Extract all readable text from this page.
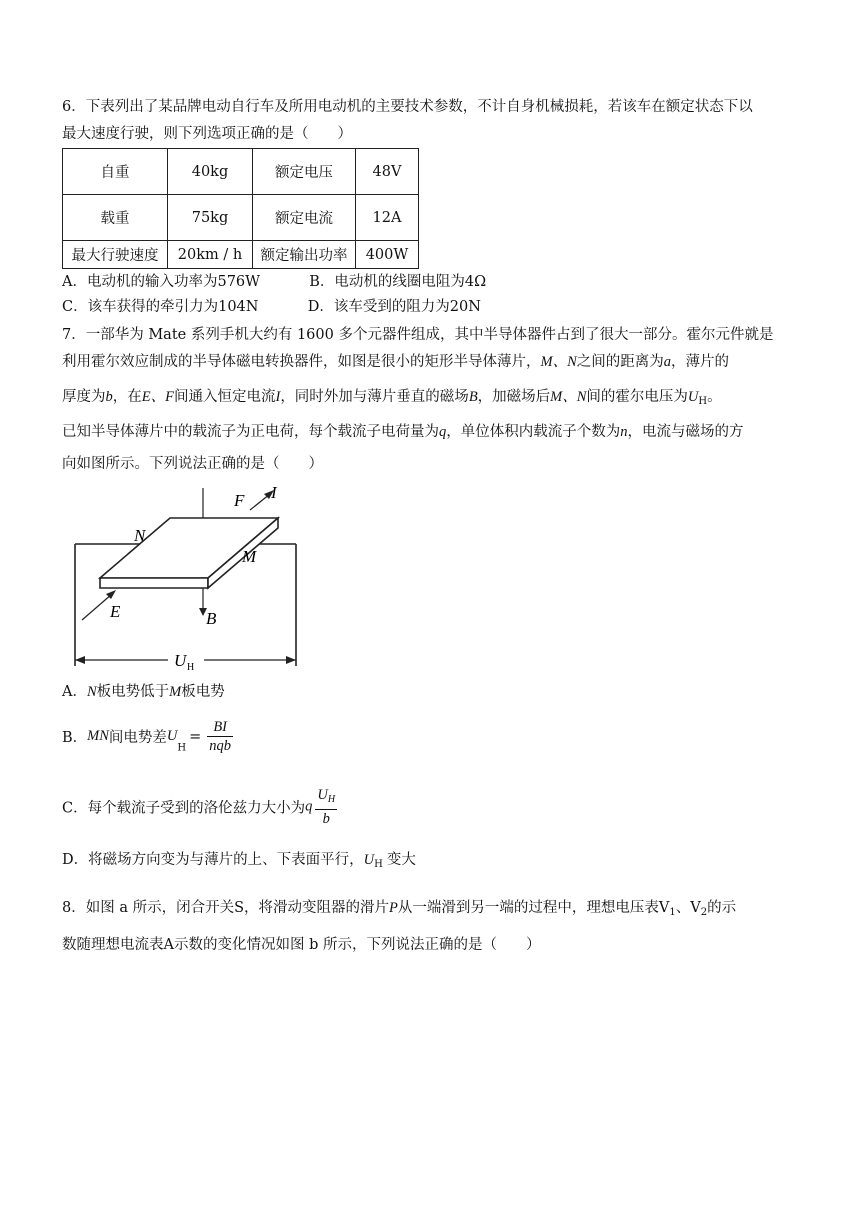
6．下表列出了某品牌电动自行车及所用电动机的主要技术参数，不计自身机械损耗，若该车在额定状态下以
最大速度行驶，则下列选项正确的是（　　）
自重	40kg	额定电压	48V
载重	75kg	额定电流	12A
最大行驶速度	20km / h	额定输出功率	400W
A．电动机的输入功率为576W	B．电动机的线圈电阻为4Ω
C．该车获得的牵引力为104N	D．该车受到的阻力为20N
7．一部华为 Mate 系列手机大约有 1600 多个元器件组成，其中半导体器件占到了很大一部分。霍尔元件就是
利用霍尔效应制成的半导体磁电转换器件，如图是很小的矩形半导体薄片，M、N之间的距离为a，薄片的
厚度为b，在E、F间通入恒定电流I，同时外加与薄片垂直的磁场B，加磁场后M、N间的霍尔电压为$U_H$。
已知半导体薄片中的载流子为正电荷，每个载流子电荷量为q，单位体积内载流子个数为n，电流与磁场的方
向如图所示。下列说法正确的是（　　）
F I
N
M
E	B
U H
A．N板电势低于M板电势
B．MN间电势差$U_H= \frac{BI}{\text{nqb}}$
C．每个载流子受到的洛伦兹力大小为q $\frac{U_H}{b}$
D．将磁场方向变为与薄片的上、下表面平行，$U_H$ 变大
8．如图 a 所示，闭合开关S，将滑动变阻器的滑片P从一端滑到另一端的过程中，理想电压表$V_1$、$V_2$的示
数随理想电流表A示数的变化情况如图 b 所示，下列说法正确的是（　　）
